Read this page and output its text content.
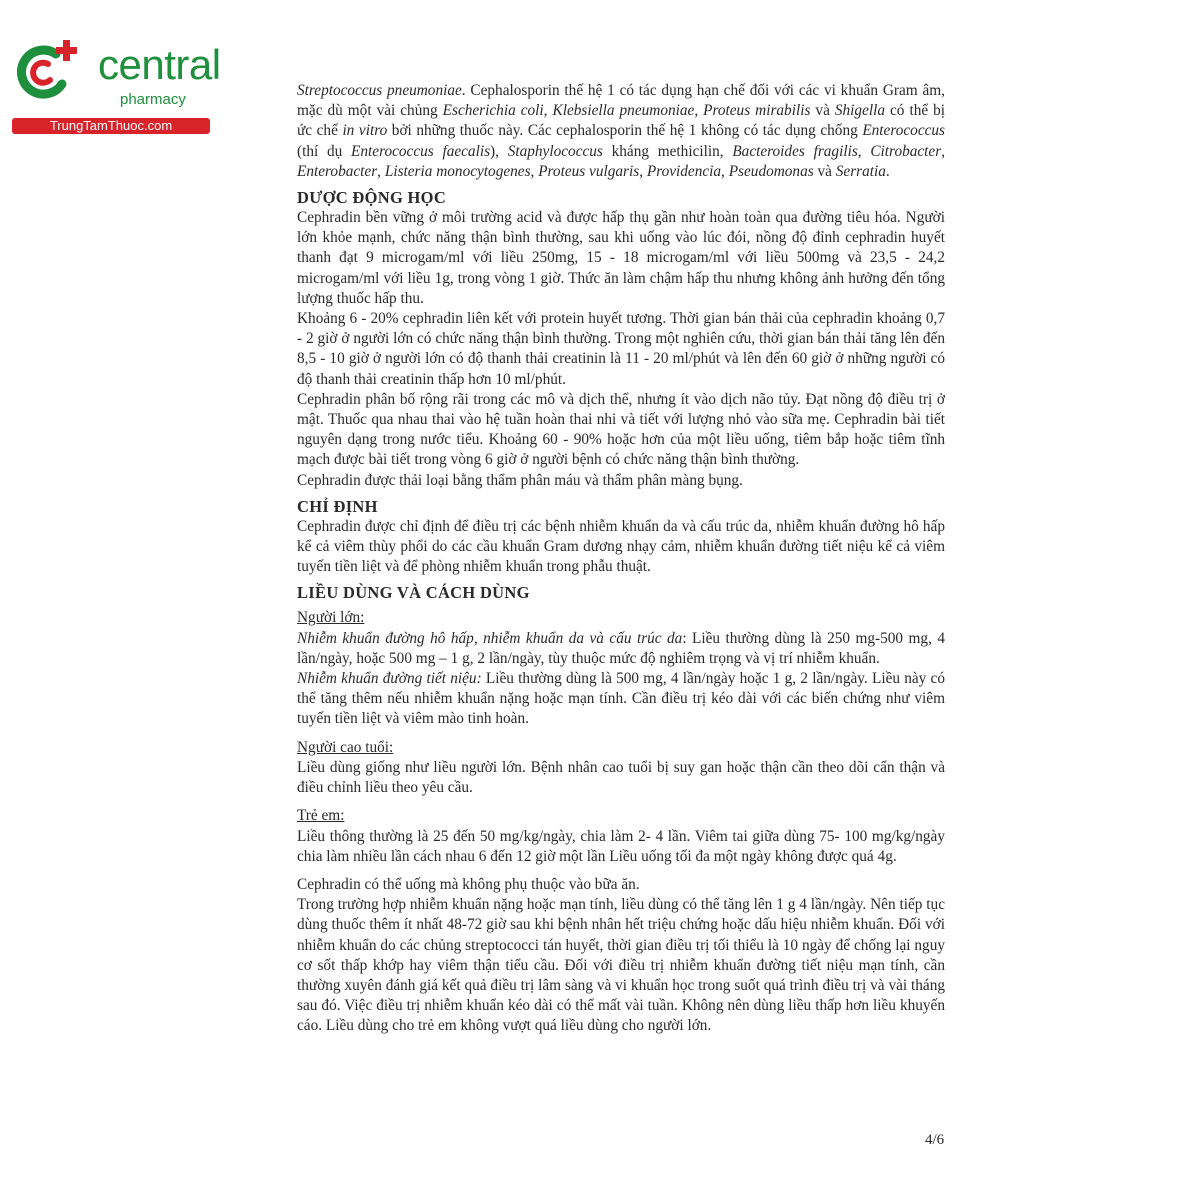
central
pharmacy
TrungTamThuoc.com

Streptococcus pneumoniae. Cephalosporin thế hệ 1 có tác dụng hạn chế đối với các vi khuẩn Gram âm, mặc dù một vài chủng Escherichia coli, Klebsiella pneumoniae, Proteus mirabilis và Shigella có thể bị ức chế in vitro bởi những thuốc này. Các cephalosporin thế hệ 1 không có tác dụng chống Enterococcus (thí dụ Enterococcus faecalis), Staphylococcus kháng methicilin, Bacteroides fragilis, Citrobacter, Enterobacter, Listeria monocytogenes, Proteus vulgaris, Providencia, Pseudomonas và Serratia.

DƯỢC ĐỘNG HỌC

Cephradin bền vững ở môi trường acid và được hấp thụ gần như hoàn toàn qua đường tiêu hóa. Người lớn khỏe mạnh, chức năng thận bình thường, sau khi uống vào lúc đói, nồng độ đỉnh cephradin huyết thanh đạt 9 microgam/ml với liều 250mg, 15 - 18 microgam/ml với liều 500mg và 23,5 - 24,2 microgam/ml với liều 1g, trong vòng 1 giờ. Thức ăn làm chậm hấp thu nhưng không ảnh hưởng đến tổng lượng thuốc hấp thu.

Khoảng 6 - 20% cephradin liên kết với protein huyết tương. Thời gian bán thải của cephradin khoảng 0,7 - 2 giờ ở người lớn có chức năng thận bình thường. Trong một nghiên cứu, thời gian bán thải tăng lên đến 8,5 - 10 giờ ở người lớn có độ thanh thải creatinin là 11 - 20 ml/phút và lên đến 60 giờ ở những người có độ thanh thải creatinin thấp hơn 10 ml/phút.

Cephradin phân bố rộng rãi trong các mô và dịch thể, nhưng ít vào dịch não tủy. Đạt nồng độ điều trị ở mật. Thuốc qua nhau thai vào hệ tuần hoàn thai nhi và tiết với lượng nhỏ vào sữa mẹ. Cephradin bài tiết nguyên dạng trong nước tiểu. Khoảng 60 - 90% hoặc hơn của một liều uống, tiêm bắp hoặc tiêm tĩnh mạch được bài tiết trong vòng 6 giờ ở người bệnh có chức năng thận bình thường.

Cephradin được thải loại bằng thẩm phân máu và thẩm phân màng bụng.

CHỈ ĐỊNH

Cephradin được chỉ định để điều trị các bệnh nhiễm khuẩn da và cấu trúc da, nhiễm khuẩn đường hô hấp kể cả viêm thùy phổi do các cầu khuẩn Gram dương nhạy cảm, nhiễm khuẩn đường tiết niệu kể cả viêm tuyến tiền liệt và để phòng nhiễm khuẩn trong phẫu thuật.

LIỀU DÙNG VÀ CÁCH DÙNG

Người lớn:

Nhiễm khuẩn đường hô hấp, nhiễm khuẩn da và cấu trúc da: Liều thường dùng là 250 mg-500 mg, 4 lần/ngày, hoặc 500 mg – 1 g, 2 lần/ngày, tùy thuộc mức độ nghiêm trọng và vị trí nhiễm khuẩn.

Nhiễm khuẩn đường tiết niệu: Liều thường dùng là 500 mg, 4 lần/ngày hoặc 1 g, 2 lần/ngày. Liều này có thể tăng thêm nếu nhiễm khuẩn nặng hoặc mạn tính. Cần điều trị kéo dài với các biến chứng như viêm tuyến tiền liệt và viêm mào tinh hoàn.

Người cao tuổi:

Liều dùng giống như liều người lớn. Bệnh nhân cao tuổi bị suy gan hoặc thận cần theo dõi cẩn thận và điều chỉnh liều theo yêu cầu.

Trẻ em:

Liều thông thường là 25 đến 50 mg/kg/ngày, chia làm 2- 4 lần. Viêm tai giữa dùng 75- 100 mg/kg/ngày chia làm nhiều lần cách nhau 6 đến 12 giờ một lần Liều uống tối đa một ngày không được quá 4g.

Cephradin có thể uống mà không phụ thuộc vào bữa ăn.

Trong trường hợp nhiễm khuẩn nặng hoặc mạn tính, liều dùng có thể tăng lên 1 g 4 lần/ngày. Nên tiếp tục dùng thuốc thêm ít nhất 48-72 giờ sau khi bệnh nhân hết triệu chứng hoặc dấu hiệu nhiễm khuẩn. Đối với nhiễm khuẩn do các chủng streptococci tán huyết, thời gian điều trị tối thiểu là 10 ngày để chống lại nguy cơ sốt thấp khớp hay viêm thận tiểu cầu. Đối với điều trị nhiễm khuẩn đường tiết niệu mạn tính, cần thường xuyên đánh giá kết quả điều trị lâm sàng và vi khuẩn học trong suốt quá trình điều trị và vài tháng sau đó. Việc điều trị nhiễm khuẩn kéo dài có thể mất vài tuần. Không nên dùng liều thấp hơn liều khuyến cáo. Liều dùng cho trẻ em không vượt quá liều dùng cho người lớn.

4/6
